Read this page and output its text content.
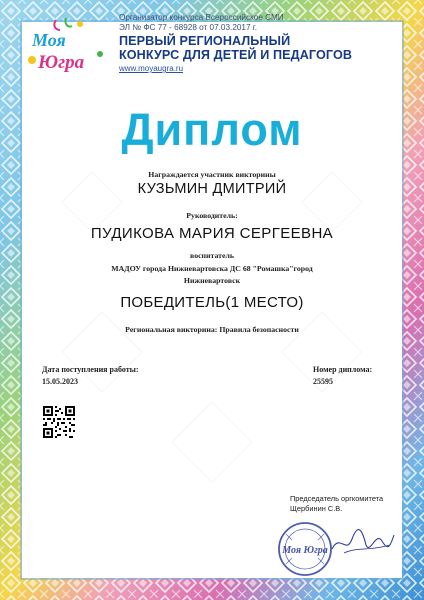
Моя
Югра
Организатор конкурса Всероссийское СМИ
ЭЛ № ФС 77 - 68928 от 07.03.2017 г.
ПЕРВЫЙ РЕГИОНАЛЬНЫЙ
КОНКУРС ДЛЯ ДЕТЕЙ И ПЕДАГОГОВ
www.moyaugra.ru
Диплом
Награждается участник викторины
КУЗЬМИН ДМИТРИЙ
Руководитель:
ПУДИКОВА МАРИЯ СЕРГЕЕВНА
воспитатель
МАДОУ города Нижневартовска ДС 68 "Ромашка"город
Нижневартовск
ПОБЕДИТЕЛЬ(1 МЕСТО)
Региональная викторина: Правила безопасности
Дата поступления работы:
15.05.2023
Номер диплома:
25595
Председатель оргкомитета
Щербинин С.В.
Моя Югра
